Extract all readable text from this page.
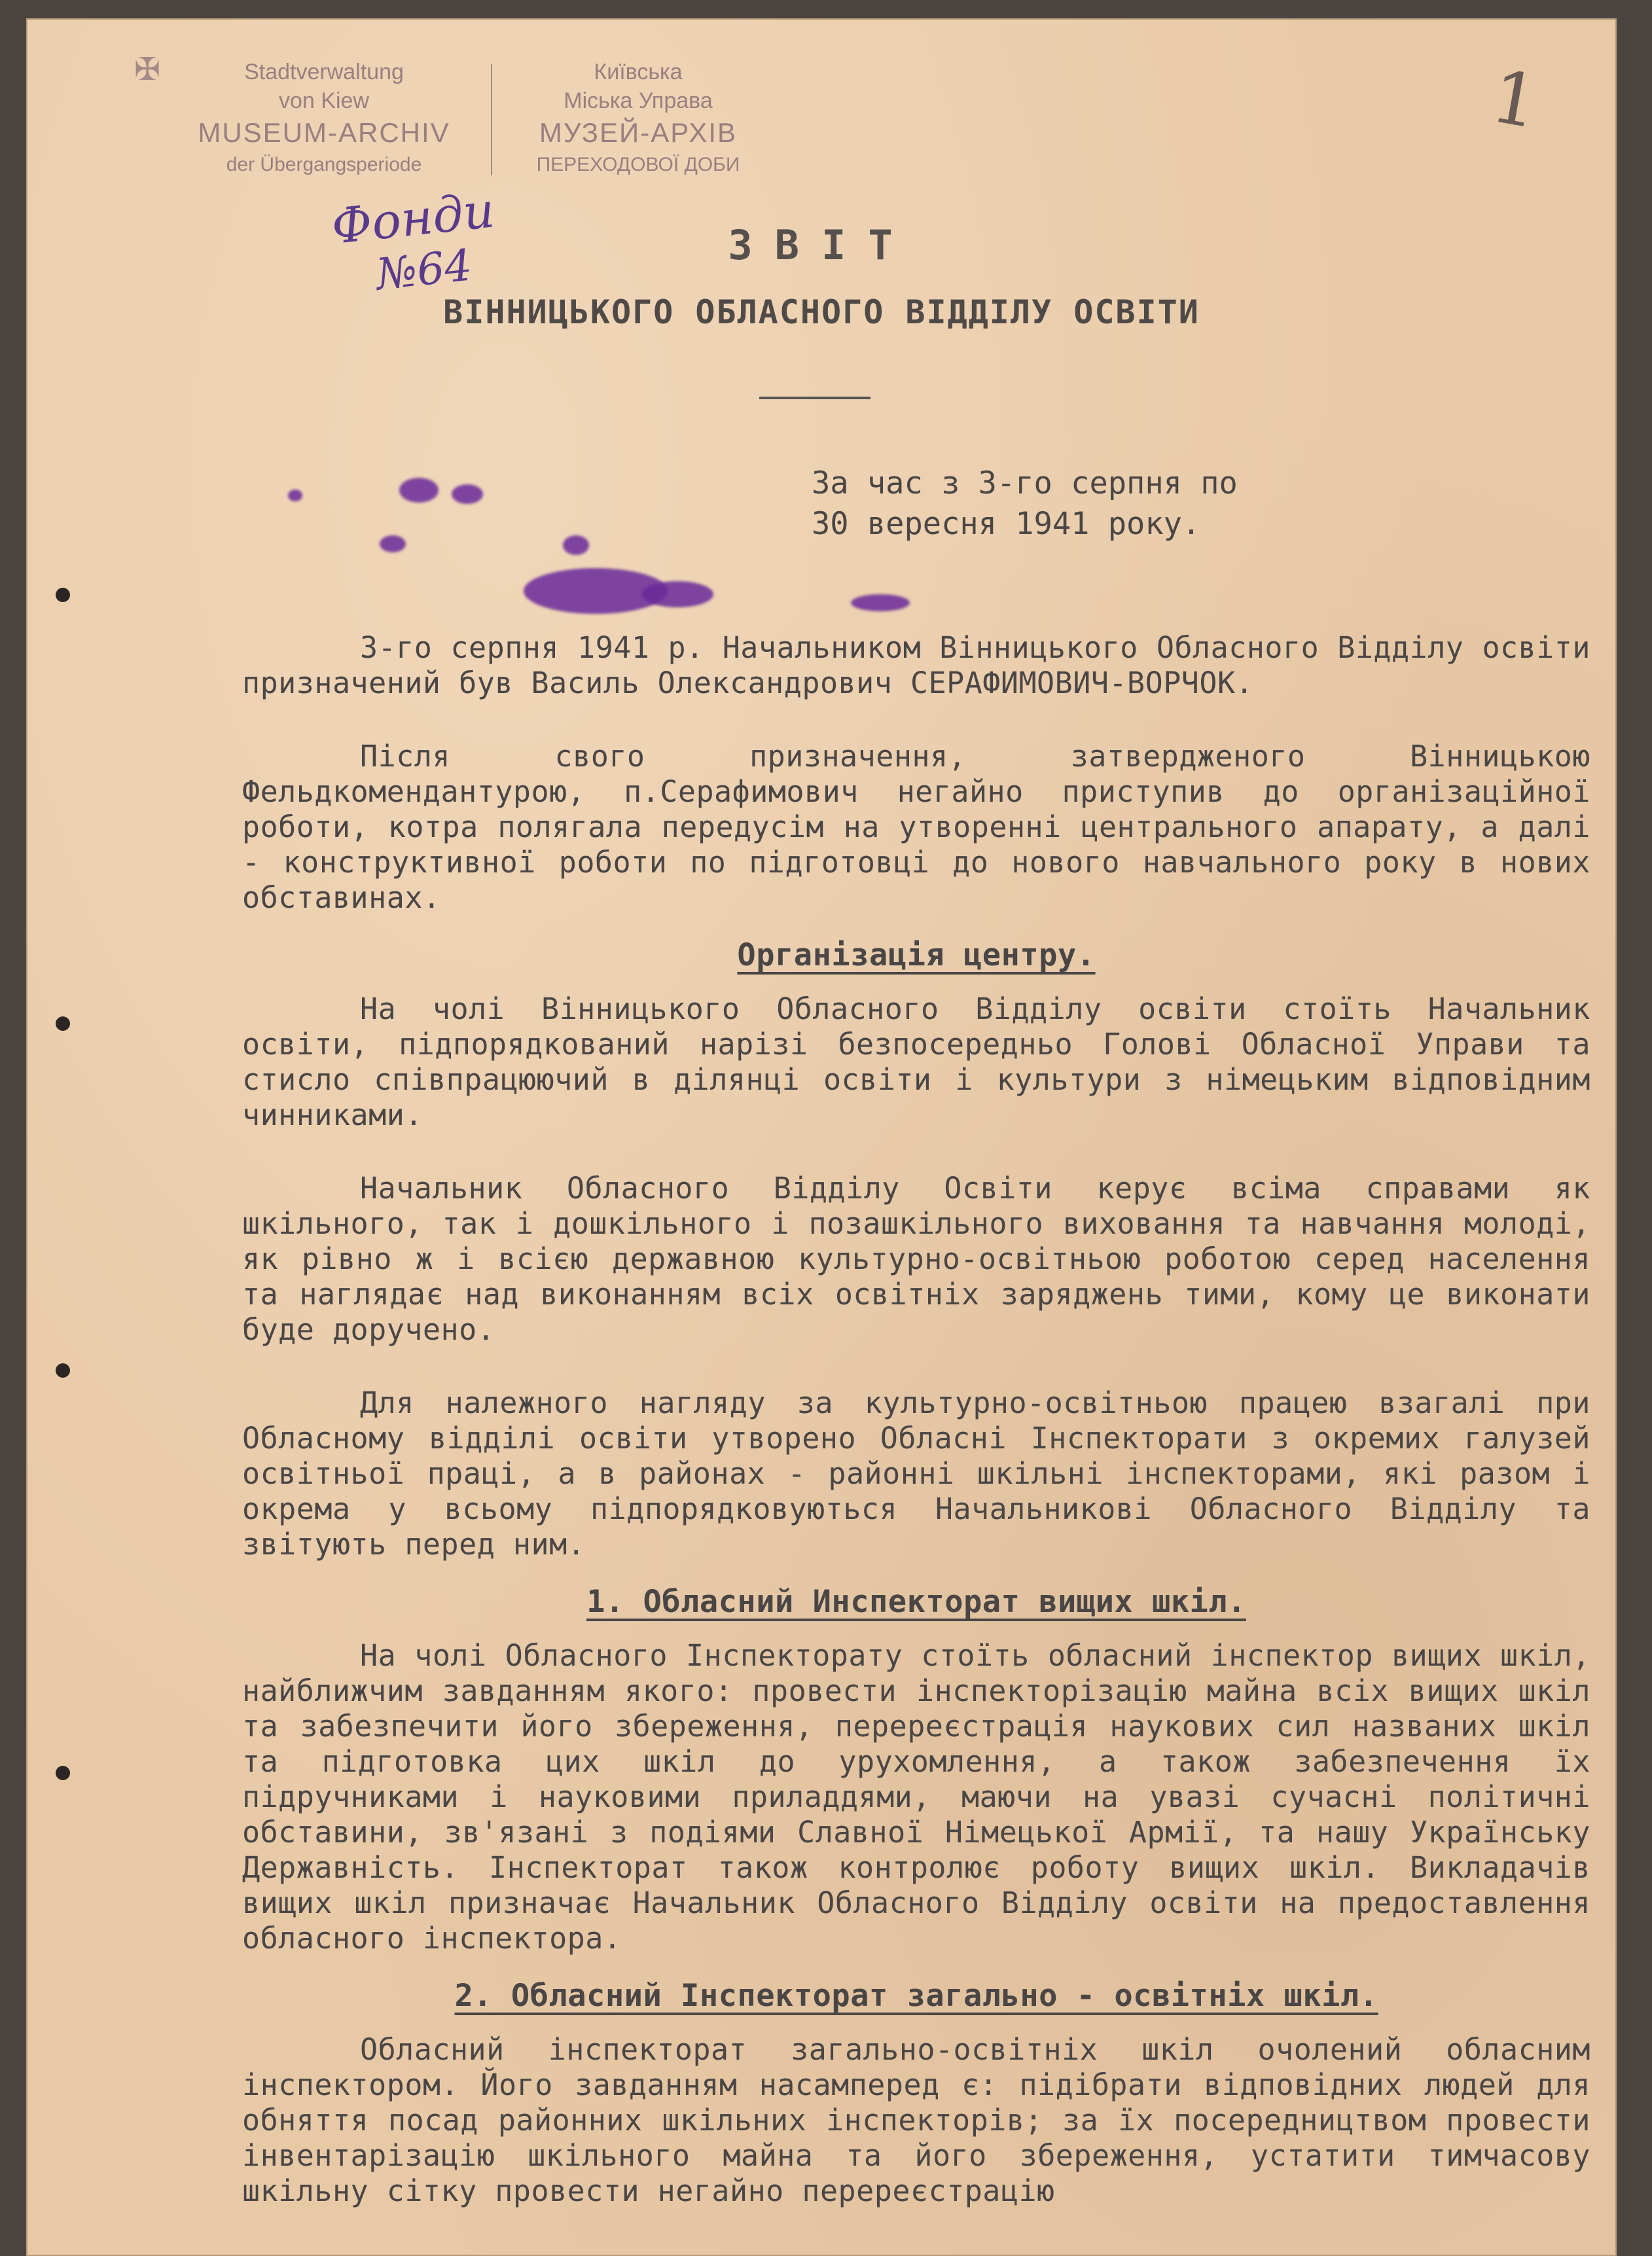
✠	Stadtverwaltung
von Kiew
MUSEUM-ARCHIV
der Übergangsperiode
Київська
Міська Управа
МУЗЕЙ-АРХІВ
ПЕРЕХОДОВОЇ ДОБИ
1
Фонди
№64	ЗВІТ
ВІННИЦЬКОГО ОБЛАСНОГО ВІДДІЛУ ОСВІТИ
За час з 3-го серпня по
30 вересня 1941 року.

3-го серпня 1941 р. Начальником Вінницького Обласного Відділу освіти призначений був Василь Олександрович СЕРАФИМОВИЧ-ВОРЧОК.

Після свого призначення, затвердженого Вінницькою Фельдкомендантурою, п.Серафимович негайно приступив до організаційної роботи, котра полягала передусім на утворенні центрального апарату, а далі - конструктивної роботи по підготовці до нового навчального року в нових обставинах.

Організація центру.

На чолі Вінницького Обласного Відділу освіти стоїть Начальник освіти, підпорядкований нарізі безпосередньо Голові Обласної Управи та стисло співпрацюючий в ділянці освіти і культури з німецьким відповідним чинниками.

Начальник Обласного Відділу Освіти керує всіма справами як шкільного, так і дошкільного і позашкільного виховання та навчання молоді, як рівно ж і всією державною культурно-освітньою роботою серед населення та наглядає над виконанням всіх освітніх заряджень тими, кому це виконати буде доручено.

Для належного нагляду за культурно-освітньою працею взагалі при Обласному відділі освіти утворено Обласні Інспекторати з окремих галузей освітньої праці, а в районах - районні шкільні інспекторами, які разом і окрема у всьому підпорядковуються Начальникові Обласного Відділу та звітують перед ним.

1. Обласний Инспекторат вищих шкіл.

На чолі Обласного Інспекторату стоїть обласний інспектор вищих шкіл, найближчим завданням якого: провести інспекторізацію майна всіх вищих шкіл та забезпечити його збереження, перереєстрація наукових сил названих шкіл та підготовка цих шкіл до урухомлення, а також забезпечення їх підручниками і науковими приладдями, маючи на увазі сучасні політичні обставини, зв'язані з подіями Славної Німецької Армії, та нашу Українську Державність. Інспекторат також контролює роботу вищих шкіл. Викладачів вищих шкіл призначає Начальник Обласного Відділу освіти на предоставлення обласного інспектора.

2. Обласний Інспекторат загально - освітніх шкіл.

Обласний інспекторат загально-освітніх шкіл очолений обласним інспектором. Його завданням насамперед є: підібрати відповідних людей для обняття посад районних шкільних інспекторів; за їх посередництвом провести інвентарізацію шкільного майна та його збереження, устатити тимчасову шкільну сітку провести негайно перереєстрацію
